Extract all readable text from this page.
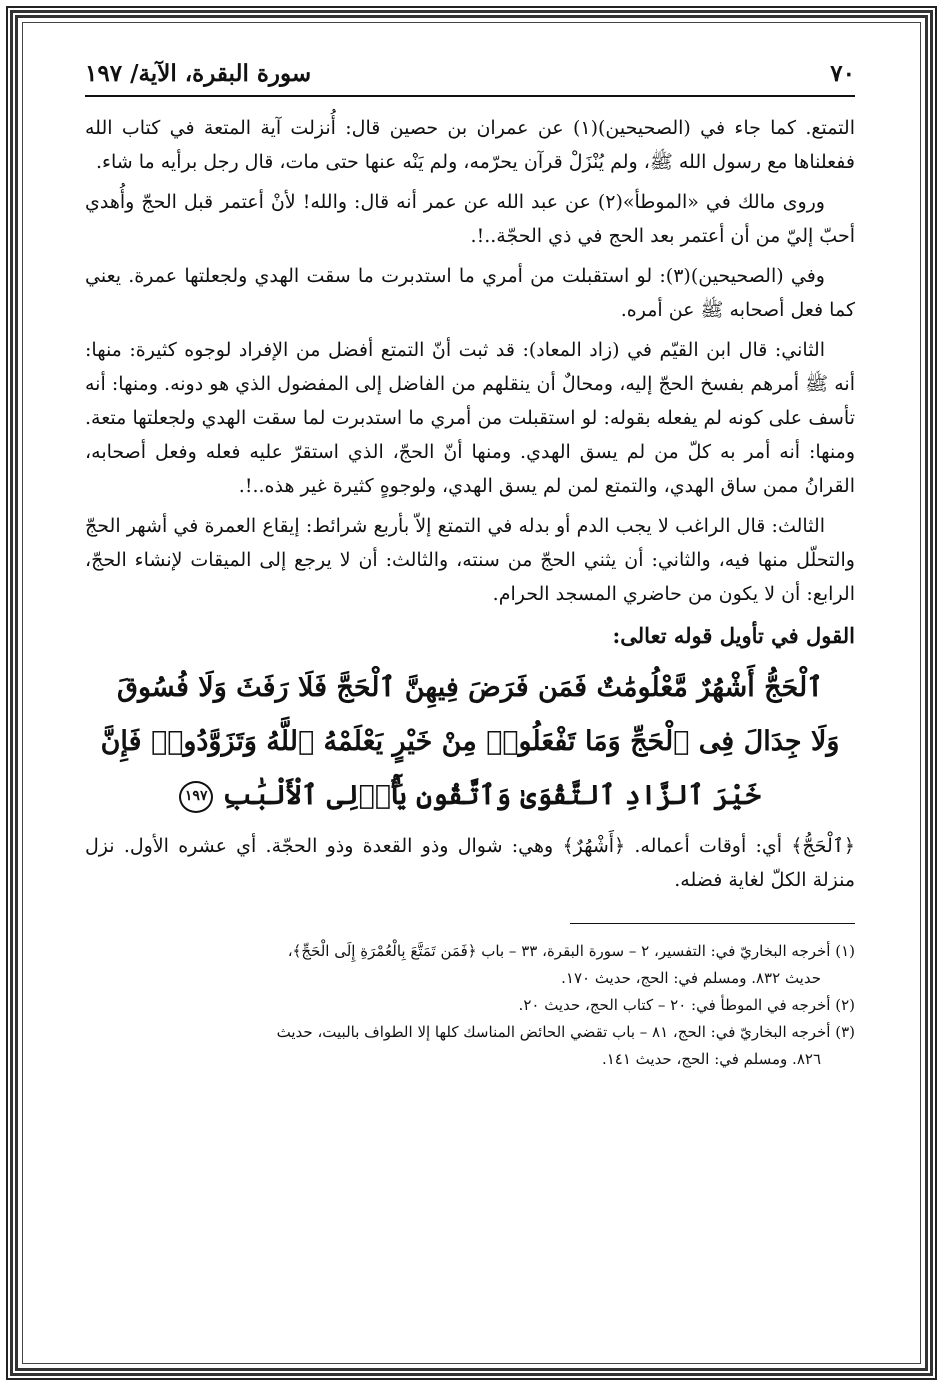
٧٠
سورة البقرة، الآية/ ١٩٧

التمتع. كما جاء في (الصحيحين)(١) عن عمران بن حصين قال: أُنزلت آية المتعة في كتاب الله ففعلناها مع رسول الله ﷺ، ولم يُنْزَلْ قرآن يحرّمه، ولم يَنْه عنها حتى مات، قال رجل برأيه ما شاء.

وروى مالك في «الموطأ»(٢) عن عبد الله عن عمر أنه قال: والله! لأنْ أعتمر قبل الحجّ وأُهدي أحبّ إليّ من أن أعتمر بعد الحج في ذي الحجّة..!.

وفي (الصحيحين)(٣): لو استقبلت من أمري ما استدبرت ما سقت الهدي ولجعلتها عمرة. يعني كما فعل أصحابه ﷺ عن أمره.

الثاني: قال ابن القيّم في (زاد المعاد): قد ثبت أنّ التمتع أفضل من الإفراد لوجوه كثيرة: منها: أنه ﷺ أمرهم بفسخ الحجّ إليه، ومحالٌ أن ينقلهم من الفاضل إلى المفضول الذي هو دونه. ومنها: أنه تأسف على كونه لم يفعله بقوله: لو استقبلت من أمري ما استدبرت لما سقت الهدي ولجعلتها متعة. ومنها: أنه أمر به كلّ من لم يسق الهدي. ومنها أنّ الحجّ، الذي استقرّ عليه فعله وفعل أصحابه، القرانُ ممن ساق الهدي، والتمتع لمن لم يسق الهدي، ولوجوهٍ كثيرة غير هذه..!.

الثالث: قال الراغب لا يجب الدم أو بدله في التمتع إلاّ بأربع شرائط: إيقاع العمرة في أشهر الحجّ والتحلّل منها فيه، والثاني: أن يثني الحجّ من سنته، والثالث: أن لا يرجع إلى الميقات لإنشاء الحجّ، الرابع: أن لا يكون من حاضري المسجد الحرام.

القول في تأويل قوله تعالى:
ٱلْحَجُّ أَشْهُرٌ مَّعْلُومَٰتٌ فَمَن فَرَضَ فِيهِنَّ ٱلْحَجَّ فَلَا رَفَثَ وَلَا فُسُوقَ
وَلَا جِدَالَ فِى ٱلْحَجِّ وَمَا تَفْعَلُوا۟ مِنْ خَيْرٍ يَعْلَمْهُ ٱللَّهُ وَتَزَوَّدُوا۟ فَإِنَّ
خَيْرَ ٱلزَّادِ ٱلتَّقْوَىٰ وَٱتَّقُونِ يَٰٓأُو۟لِى ٱلْأَلْبَٰبِ ١٩٧

﴿ٱلْحَجُّ﴾ أي: أوقات أعماله. ﴿أَشْهُرٌ﴾ وهي: شوال وذو القعدة وذو الحجّة. أي عشره الأول. نزل منزلة الكلّ لغاية فضله.

(١) أخرجه البخاريّ في: التفسير، ٢ – سورة البقرة، ٣٣ – باب ﴿فَمَن تَمَتَّعَ بِالْعُمْرَةِ إِلَى الْحَجِّ﴾،

حديث ٨٣٢. ومسلم في: الحج، حديث ١٧٠.

(٢) أخرجه في الموطأ في: ٢٠ – كتاب الحج، حديث ٢٠.

(٣) أخرجه البخاريّ في: الحج، ٨١ – باب تقضي الحائض المناسك كلها إلا الطواف بالبيت، حديث

٨٢٦. ومسلم في: الحج، حديث ١٤١.
